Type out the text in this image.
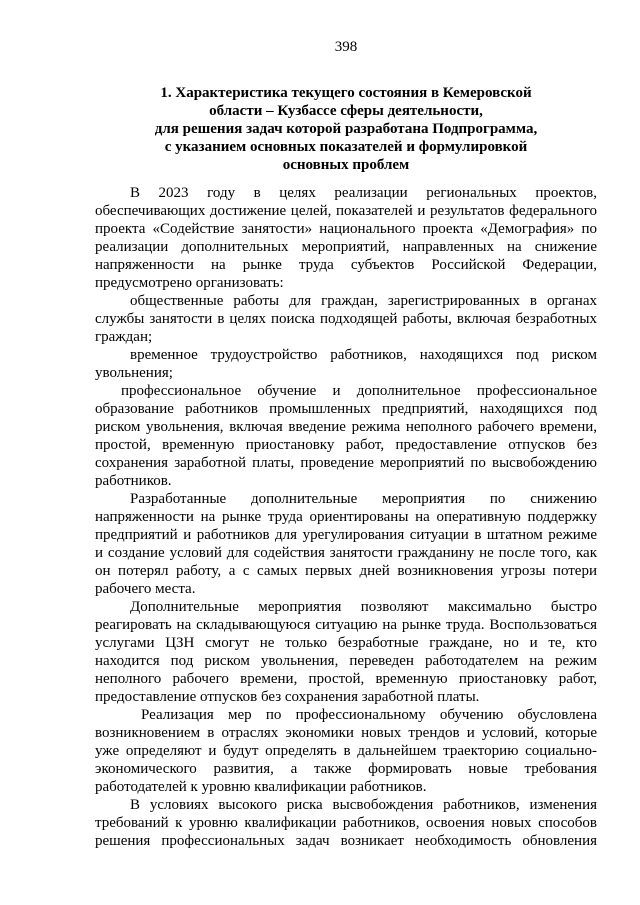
398
1. Характеристика текущего состояния в Кемеровской
области – Кузбассе сферы деятельности,
для решения задач которой разработана Подпрограмма,
с указанием основных показателей и формулировкой
основных проблем
В 2023 году в целях реализации региональных проектов,
обеспечивающих достижение целей, показателей и результатов федерального
проекта «Содействие занятости» национального проекта «Демография» по
реализации дополнительных мероприятий, направленных на снижение
напряженности на рынке труда субъектов Российской Федерации,
предусмотрено организовать:
общественные работы для граждан, зарегистрированных в органах
службы занятости в целях поиска подходящей работы, включая безработных
граждан;
временное трудоустройство работников, находящихся под риском
увольнения;
профессиональное обучение и дополнительное профессиональное
образование работников промышленных предприятий, находящихся под
риском увольнения, включая введение режима неполного рабочего времени,
простой, временную приостановку работ, предоставление отпусков без
сохранения заработной платы, проведение мероприятий по высвобождению
работников.
Разработанные дополнительные мероприятия по снижению
напряженности на рынке труда ориентированы на оперативную поддержку
предприятий и работников для урегулирования ситуации в штатном режиме
и создание условий для содействия занятости гражданину не после того, как
он потерял работу, а с самых первых дней возникновения угрозы потери
рабочего места.
Дополнительные мероприятия позволяют максимально быстро
реагировать на складывающуюся ситуацию на рынке труда. Воспользоваться
услугами ЦЗН смогут не только безработные граждане, но и те, кто
находится под риском увольнения, переведен работодателем на режим
неполного рабочего времени, простой, временную приостановку работ,
предоставление отпусков без сохранения заработной платы.
Реализация мер по профессиональному обучению обусловлена
возникновением в отраслях экономики новых трендов и условий, которые
уже определяют и будут определять в дальнейшем траекторию социально-
экономического развития, а также формировать новые требования
работодателей к уровню квалификации работников.
В условиях высокого риска высвобождения работников, изменения
требований к уровню квалификации работников, освоения новых способов
решения профессиональных задач возникает необходимость обновления
